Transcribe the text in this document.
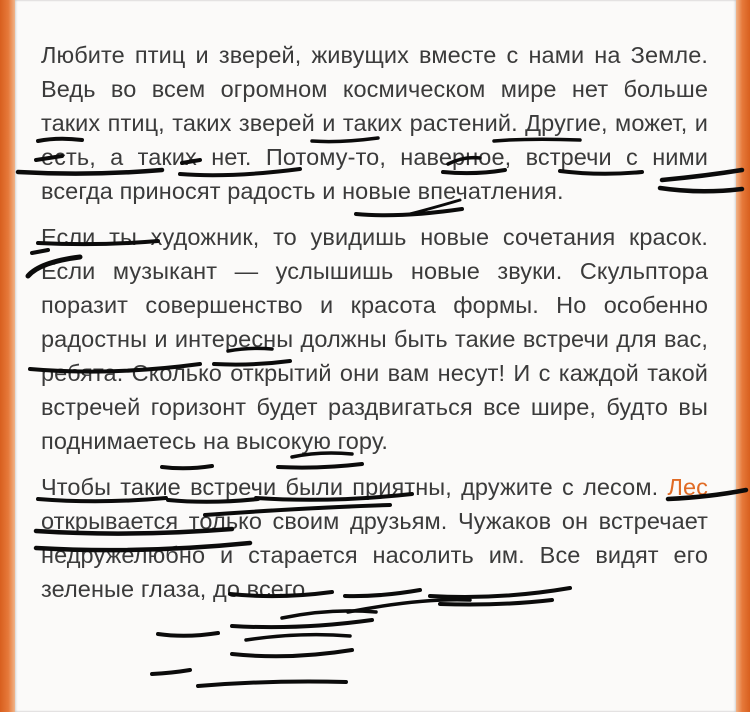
Любите птиц и зверей, живущих вместе с нами на Земле. Ведь во всем огромном космическом мире нет больше таких птиц, таких зверей и таких растений. Другие, может, и есть, а таких нет. Потому-то, наверное, встречи с ними всегда приносят радость и новые впечатления.

Если ты художник, то увидишь новые сочетания красок. Если музыкант — услышишь новые звуки. Скульптора поразит совершенство и красота формы. Но особенно радостны и интересны должны быть такие встречи для вас, ребята. Сколько открытий они вам несут! И с каждой такой встречей горизонт будет раздвигаться все шире, будто вы поднимаетесь на высокую гору.

Чтобы такие встречи были приятны, дружите с лесом. Лес открывается только своим друзьям. Чужаков он встречает недружелюбно и старается насолить им. Все видят его зеленые глаза, до всего
